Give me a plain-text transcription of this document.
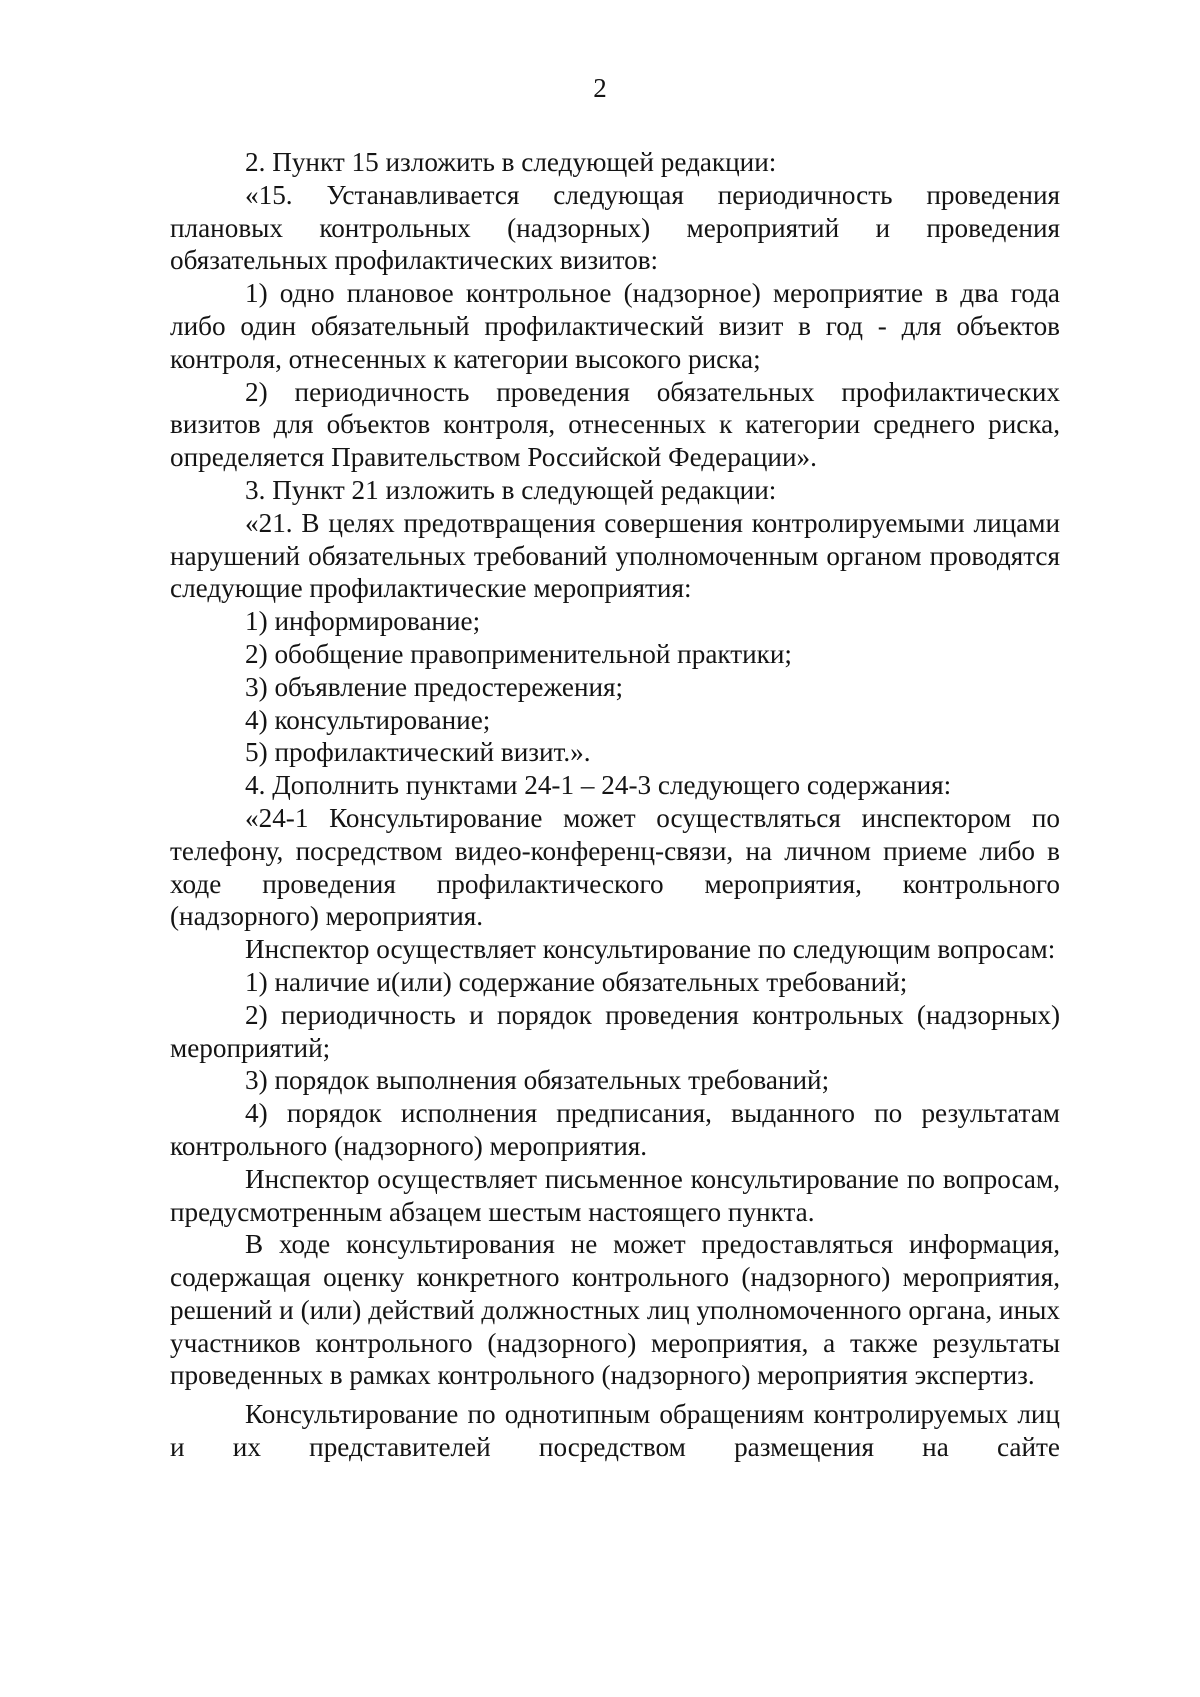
2

2. Пункт 15 изложить в следующей редакции:

«15. Устанавливается следующая периодичность проведения плановых контрольных (надзорных) мероприятий и проведения обязательных профилактических визитов:

1) одно плановое контрольное (надзорное) мероприятие в два года либо один обязательный профилактический визит в год - для объектов контроля, отнесенных к категории высокого риска;

2) периодичность проведения обязательных профилактических визитов для объектов контроля, отнесенных к категории среднего риска, определяется Правительством Российской Федерации».

3. Пункт 21 изложить в следующей редакции:

«21. В целях предотвращения совершения контролируемыми лицами нарушений обязательных требований уполномоченным органом проводятся следующие профилактические мероприятия:

1) информирование;

2) обобщение правоприменительной практики;

3) объявление предостережения;

4) консультирование;

5) профилактический визит.».

4. Дополнить пунктами 24-1 – 24-3 следующего содержания:

«24-1 Консультирование может осуществляться инспектором по телефону, посредством видео-конференц-связи, на личном приеме либо в ходе проведения профилактического мероприятия, контрольного (надзорного) мероприятия.

Инспектор осуществляет консультирование по следующим вопросам:

1) наличие и(или) содержание обязательных требований;

2) периодичность и порядок проведения контрольных (надзорных) мероприятий;

3) порядок выполнения обязательных требований;

4) порядок исполнения предписания, выданного по результатам контрольного (надзорного) мероприятия.

Инспектор осуществляет письменное консультирование по вопросам, предусмотренным абзацем шестым настоящего пункта.

В ходе консультирования не может предоставляться информация, содержащая оценку конкретного контрольного (надзорного) мероприятия, решений и (или) действий должностных лиц уполномоченного органа, иных участников контрольного (надзорного) мероприятия, а также результаты проведенных в рамках контрольного (надзорного) мероприятия экспертиз.

Консультирование по однотипным обращениям контролируемых лиц и их представителей посредством размещения на сайте
